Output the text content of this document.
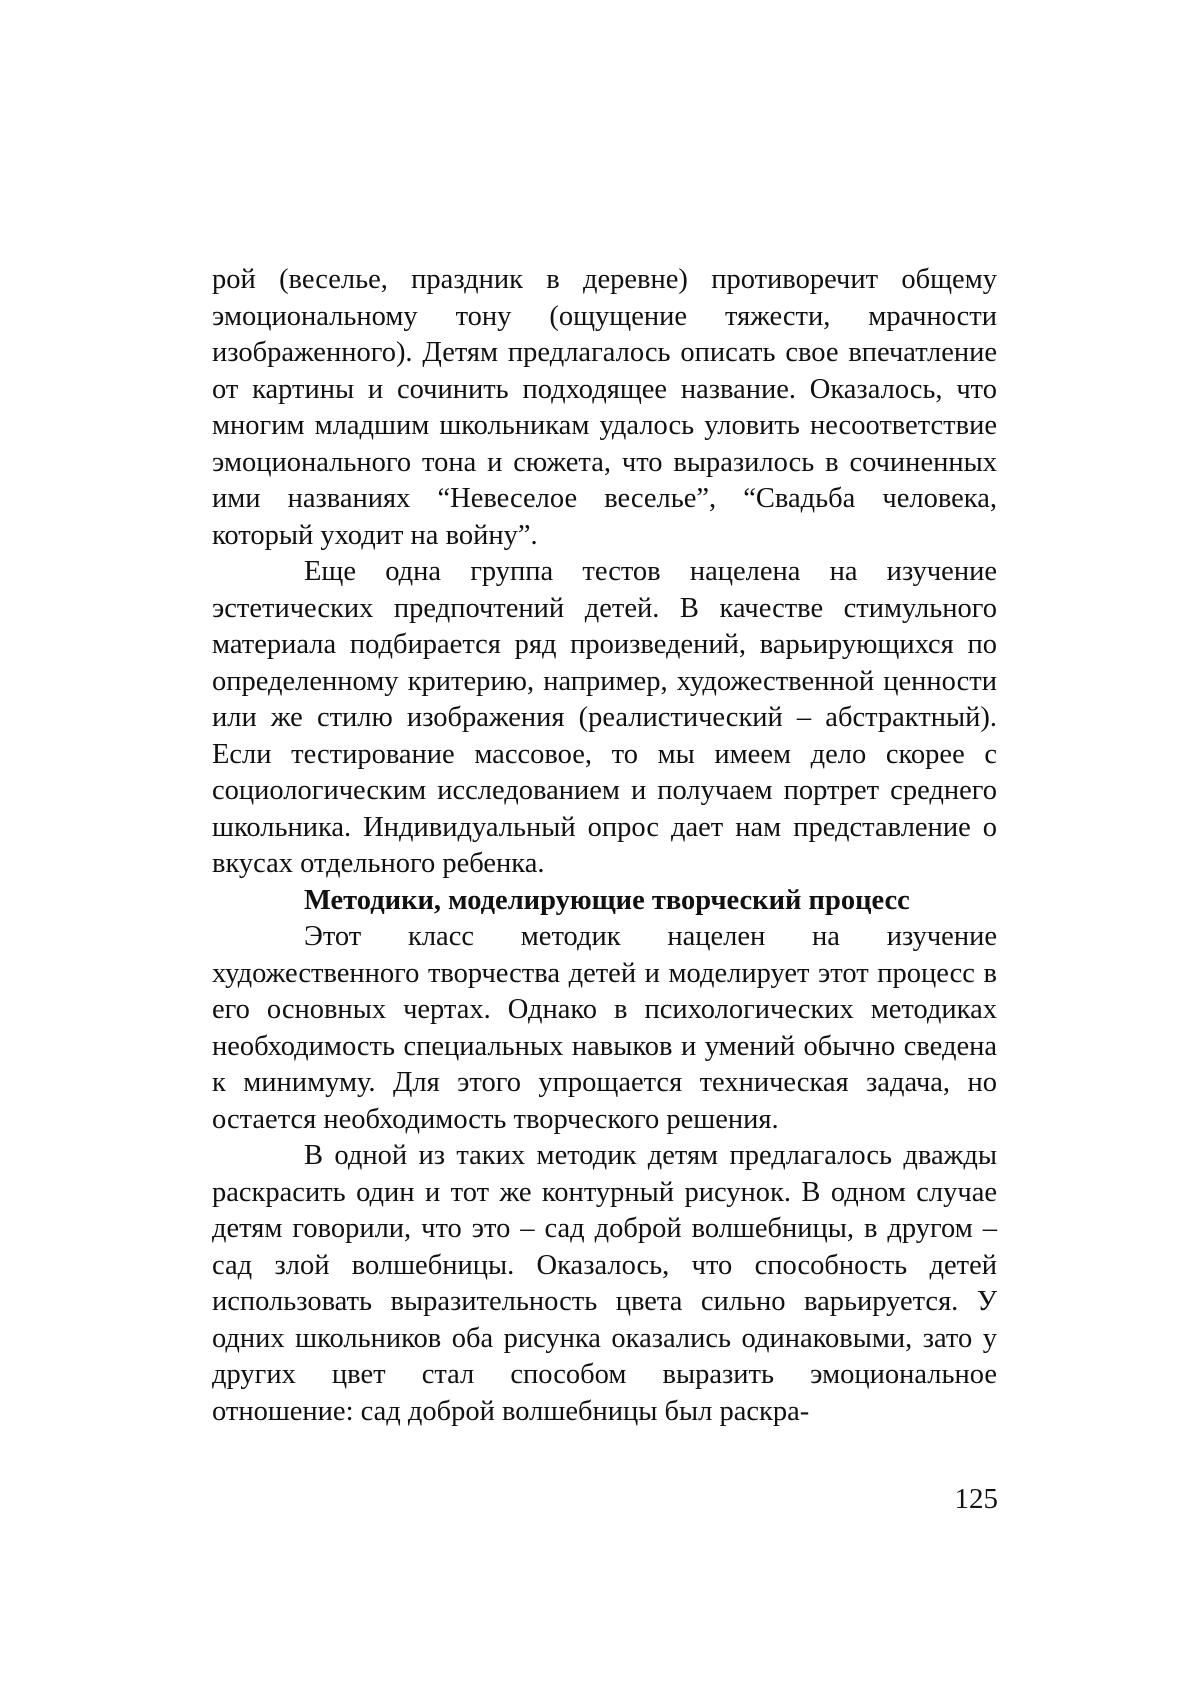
рой (веселье, праздник в деревне) противоречит общему эмоциональному тону (ощущение тяжести, мрачности изображенного). Детям предлагалось описать свое впечатление от картины и сочинить подходящее название. Оказалось, что многим младшим школьникам удалось уловить несоответствие эмоционального тона и сюжета, что выразилось в сочиненных ими названиях “Невеселое веселье”, “Свадьба человека, который уходит на войну”.

Еще одна группа тестов нацелена на изучение эстетических предпочтений детей. В качестве стимульного материала подбирается ряд произведений, варьирующихся по определенному критерию, например, художественной ценности или же стилю изображения (реалистический – абстрактный). Если тестирование массовое, то мы имеем дело скорее с социологическим исследованием и получаем портрет среднего школьника. Индивидуальный опрос дает нам представление о вкусах отдельного ребенка.

Методики, моделирующие творческий процесс

Этот класс методик нацелен на изучение художественного творчества детей и моделирует этот процесс в его основных чертах. Однако в психологических методиках необходимость специальных навыков и умений обычно сведена к минимуму. Для этого упрощается техническая задача, но остается необходимость творческого решения.

В одной из таких методик детям предлагалось дважды раскрасить один и тот же контурный рисунок. В одном случае детям говорили, что это – сад доброй волшебницы, в другом – сад злой волшебницы. Оказалось, что способность детей использовать выразительность цвета сильно варьируется. У одних школьников оба рисунка оказались одинаковыми, зато у других цвет стал способом выразить эмоциональное отношение: сад доброй волшебницы был раскра-

125
